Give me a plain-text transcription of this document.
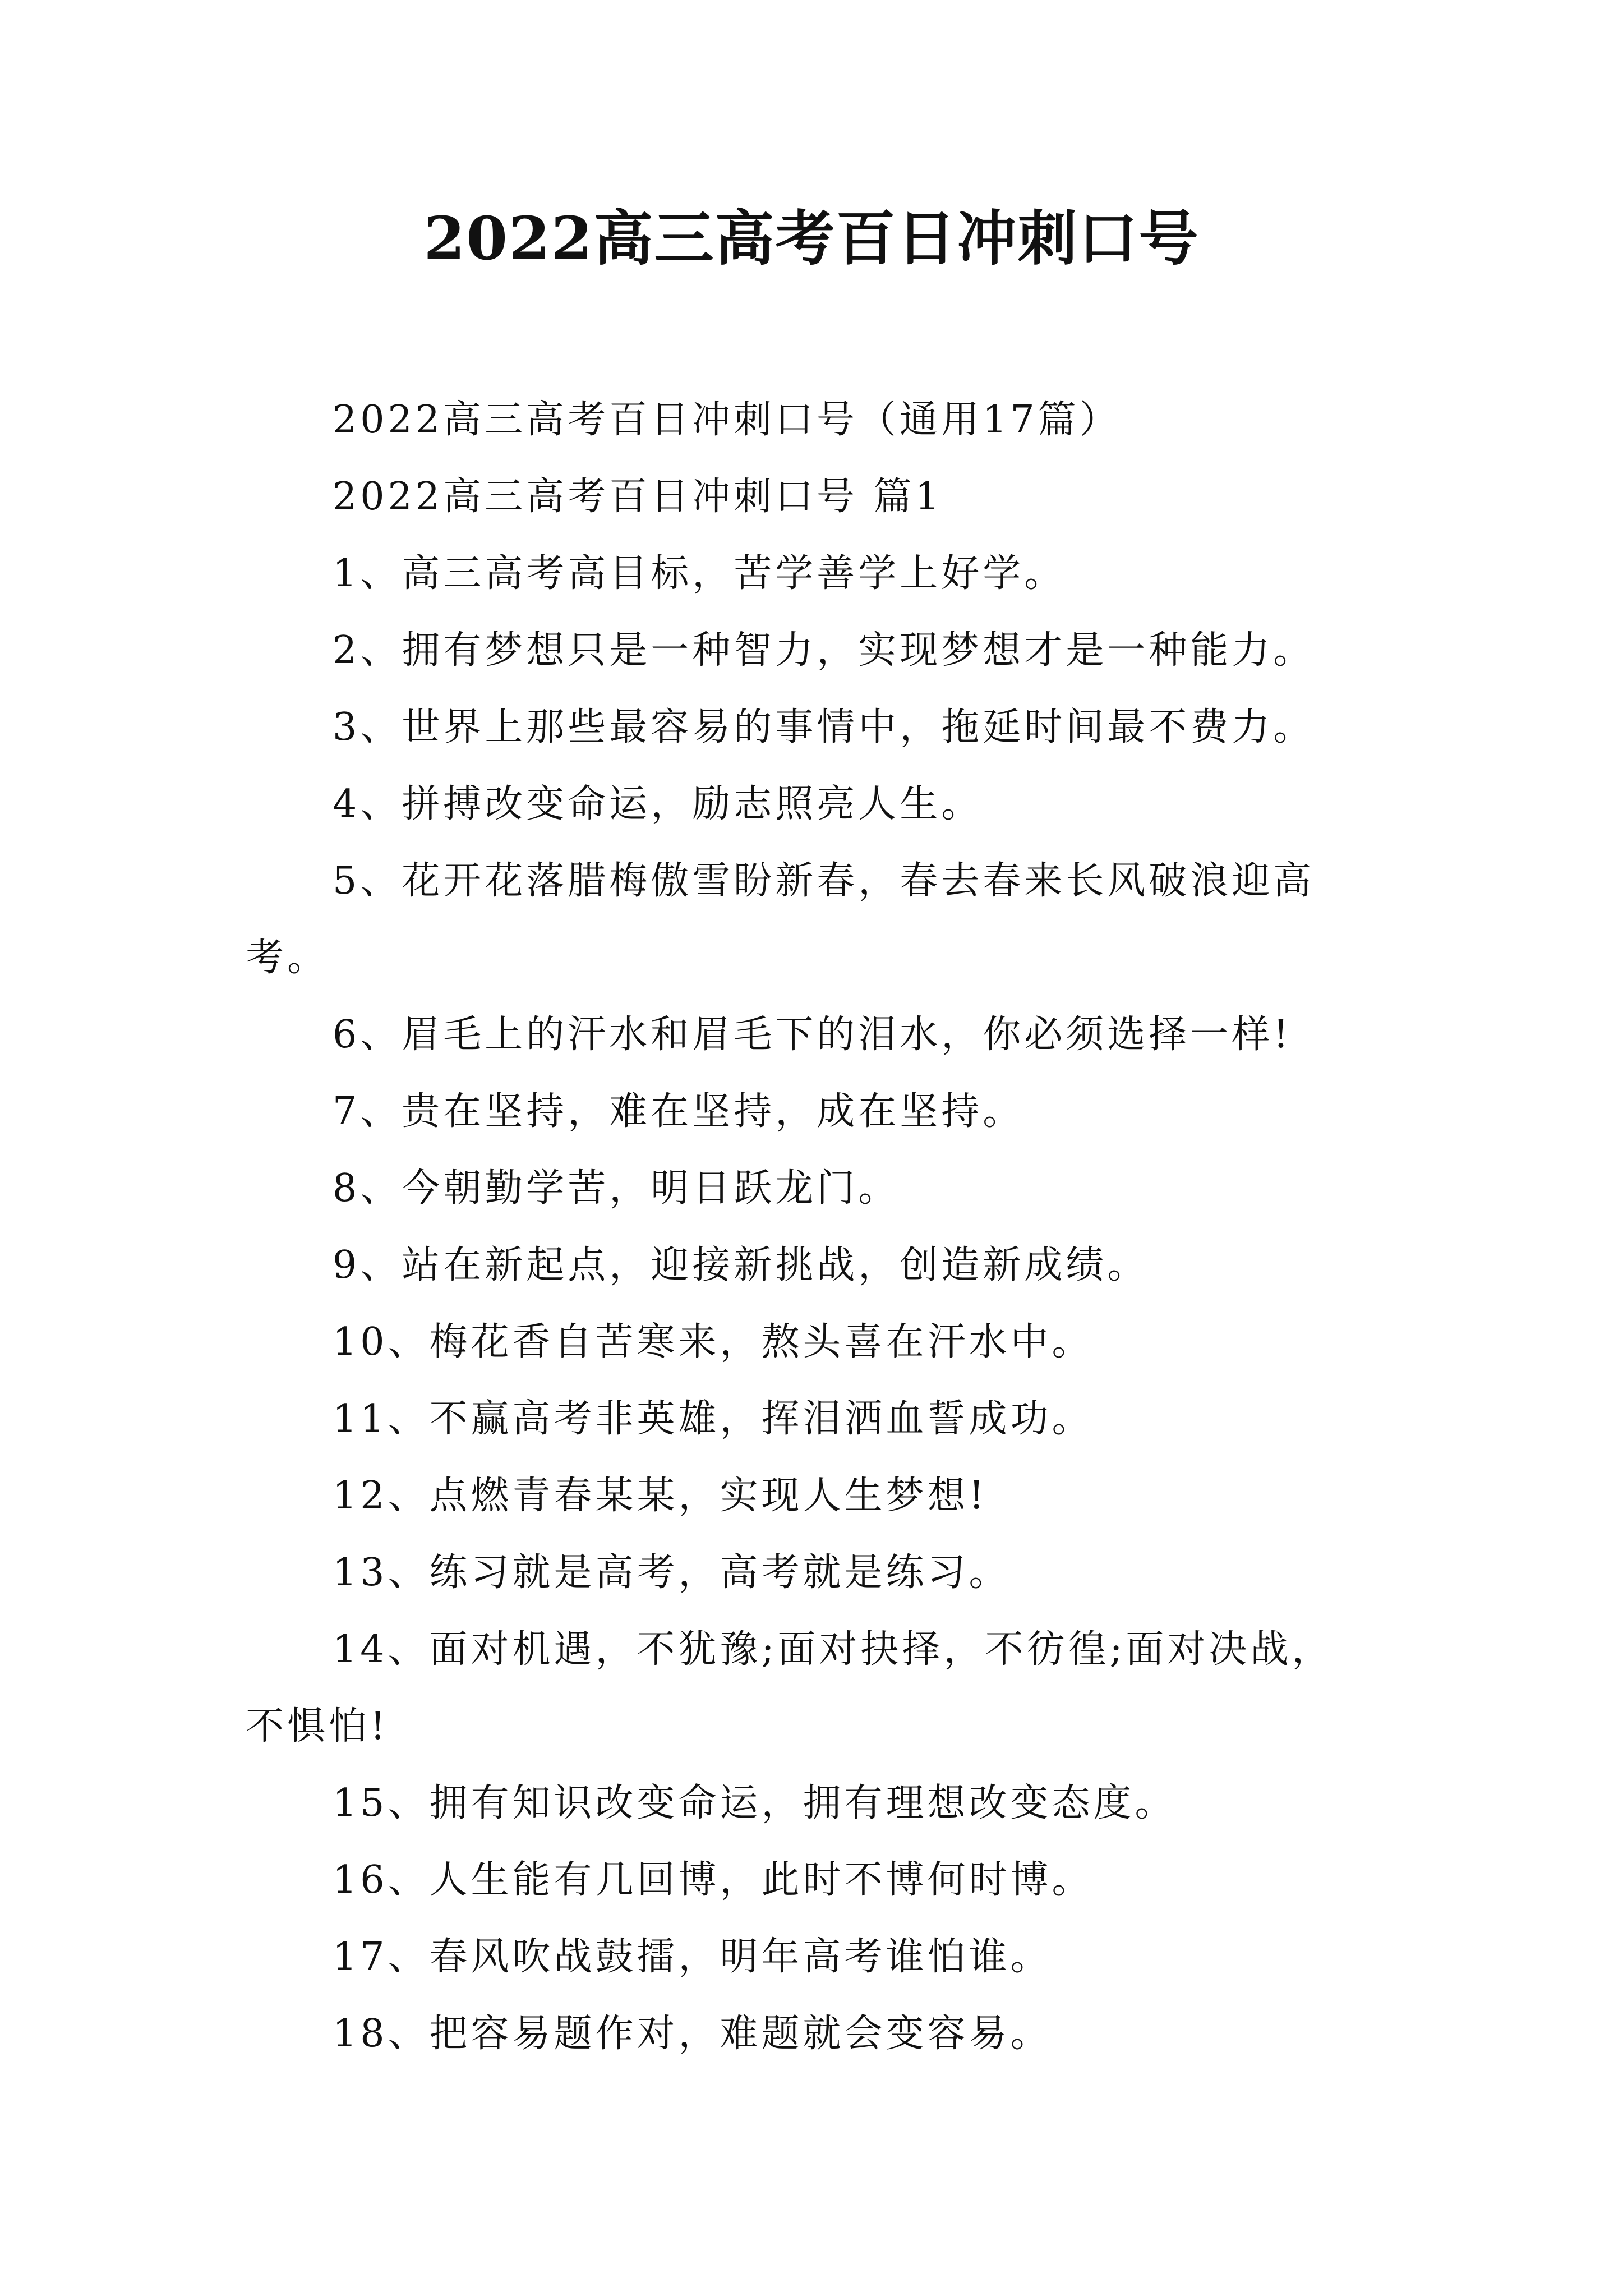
2022高三高考百日冲刺口号
2022高三高考百日冲刺口号（通用17篇）
2022高三高考百日冲刺口号 篇1
1、高三高考高目标，苦学善学上好学。
2、拥有梦想只是一种智力，实现梦想才是一种能力。
3、世界上那些最容易的事情中，拖延时间最不费力。
4、拼搏改变命运，励志照亮人生。
5、花开花落腊梅傲雪盼新春，春去春来长风破浪迎高
考。
6、眉毛上的汗水和眉毛下的泪水，你必须选择一样!
7、贵在坚持，难在坚持，成在坚持。
8、今朝勤学苦，明日跃龙门。
9、站在新起点，迎接新挑战，创造新成绩。
10、梅花香自苦寒来，熬头喜在汗水中。
11、不赢高考非英雄，挥泪洒血誓成功。
12、点燃青春某某，实现人生梦想!
13、练习就是高考，高考就是练习。
14、面对机遇，不犹豫;面对抉择，不彷徨;面对决战，
不惧怕!
15、拥有知识改变命运，拥有理想改变态度。
16、人生能有几回博，此时不博何时博。
17、春风吹战鼓擂，明年高考谁怕谁。
18、把容易题作对，难题就会变容易。
